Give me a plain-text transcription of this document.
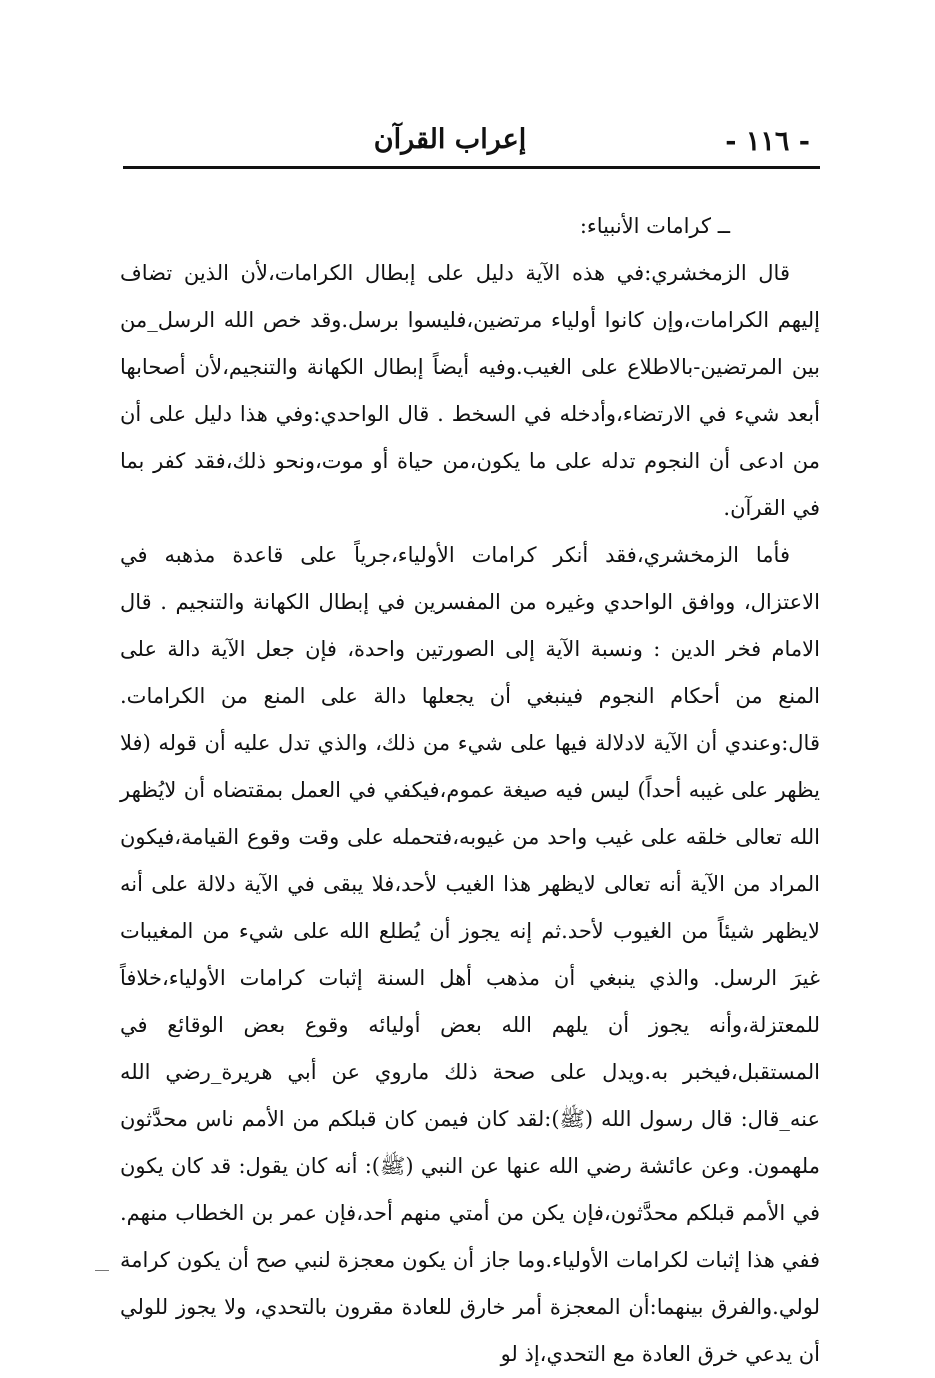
- ١١٦ -
إعراب القرآن

ــ كرامات الأنبياء:

قال الزمخشري:في هذه الآية دليل على إبطال الكرامات،لأن الذين تضاف إليهم الكرامات،وإن كانوا أولياء مرتضين،فليسوا برسل.وقد خص الله الرسل_من بين المرتضين-بالاطلاع على الغيب.وفيه أيضاً إبطال الكهانة والتنجيم،لأن أصحابها أبعد شيء في الارتضاء،وأدخله في السخط . قال الواحدي:وفي هذا دليل على أن من ادعى أن النجوم تدله على ما يكون،من حياة أو موت،ونحو ذلك،فقد كفر بما في القرآن.

فأما الزمخشري،فقد أنكر كرامات الأولياء،جرياً على قاعدة مذهبه في الاعتزال، ووافق الواحدي وغيره من المفسرين في إبطال الكهانة والتنجيم . قال الامام فخر الدين : ونسبة الآية إلى الصورتين واحدة، فإن جعل الآية دالة على المنع من أحكام النجوم فينبغي أن يجعلها دالة على المنع من الكرامات. قال:وعندي أن الآية لادلالة فيها على شيء من ذلك، والذي تدل عليه أن قوله (فلا يظهر على غيبه أحداً) ليس فيه صيغة عموم،فيكفي في العمل بمقتضاه أن لايُظهر الله تعالى خلقه على غيب واحد من غيوبه،فتحمله على وقت وقوع القيامة،فيكون المراد من الآية أنه تعالى لايظهر هذا الغيب لأحد،فلا يبقى في الآية دلالة على أنه لايظهر شيئاً من الغيوب لأحد.ثم إنه يجوز أن يُطلع الله على شيء من المغيبات غيرَ الرسل. والذي ينبغي أن مذهب أهل السنة إثبات كرامات الأولياء،خلافاً للمعتزلة،وأنه يجوز أن يلهم الله بعض أوليائه وقوع بعض الوقائع في المستقبل،فيخبر به.ويدل على صحة ذلك ماروي عن أبي هريرة_رضي الله عنه_قال: قال رسول الله (ﷺ):لقد كان فيمن كان قبلكم من الأمم ناس محدَّثون ملهمون. وعن عائشة رضي الله عنها عن النبي (ﷺ): أنه كان يقول: قد كان يكون في الأمم قبلكم محدَّثون،فإن يكن من أمتي منهم أحد،فإن عمر بن الخطاب منهم. ففي هذا إثبات لكرامات الأولياء.وما جاز أن يكون معجزة لنبي صح أن يكون كرامة لولي.والفرق بينهما:أن المعجزة أمر خارق للعادة مقرون بالتحدي، ولا يجوز للولي أن يدعي خرق العادة مع التحدي،إذ لو
